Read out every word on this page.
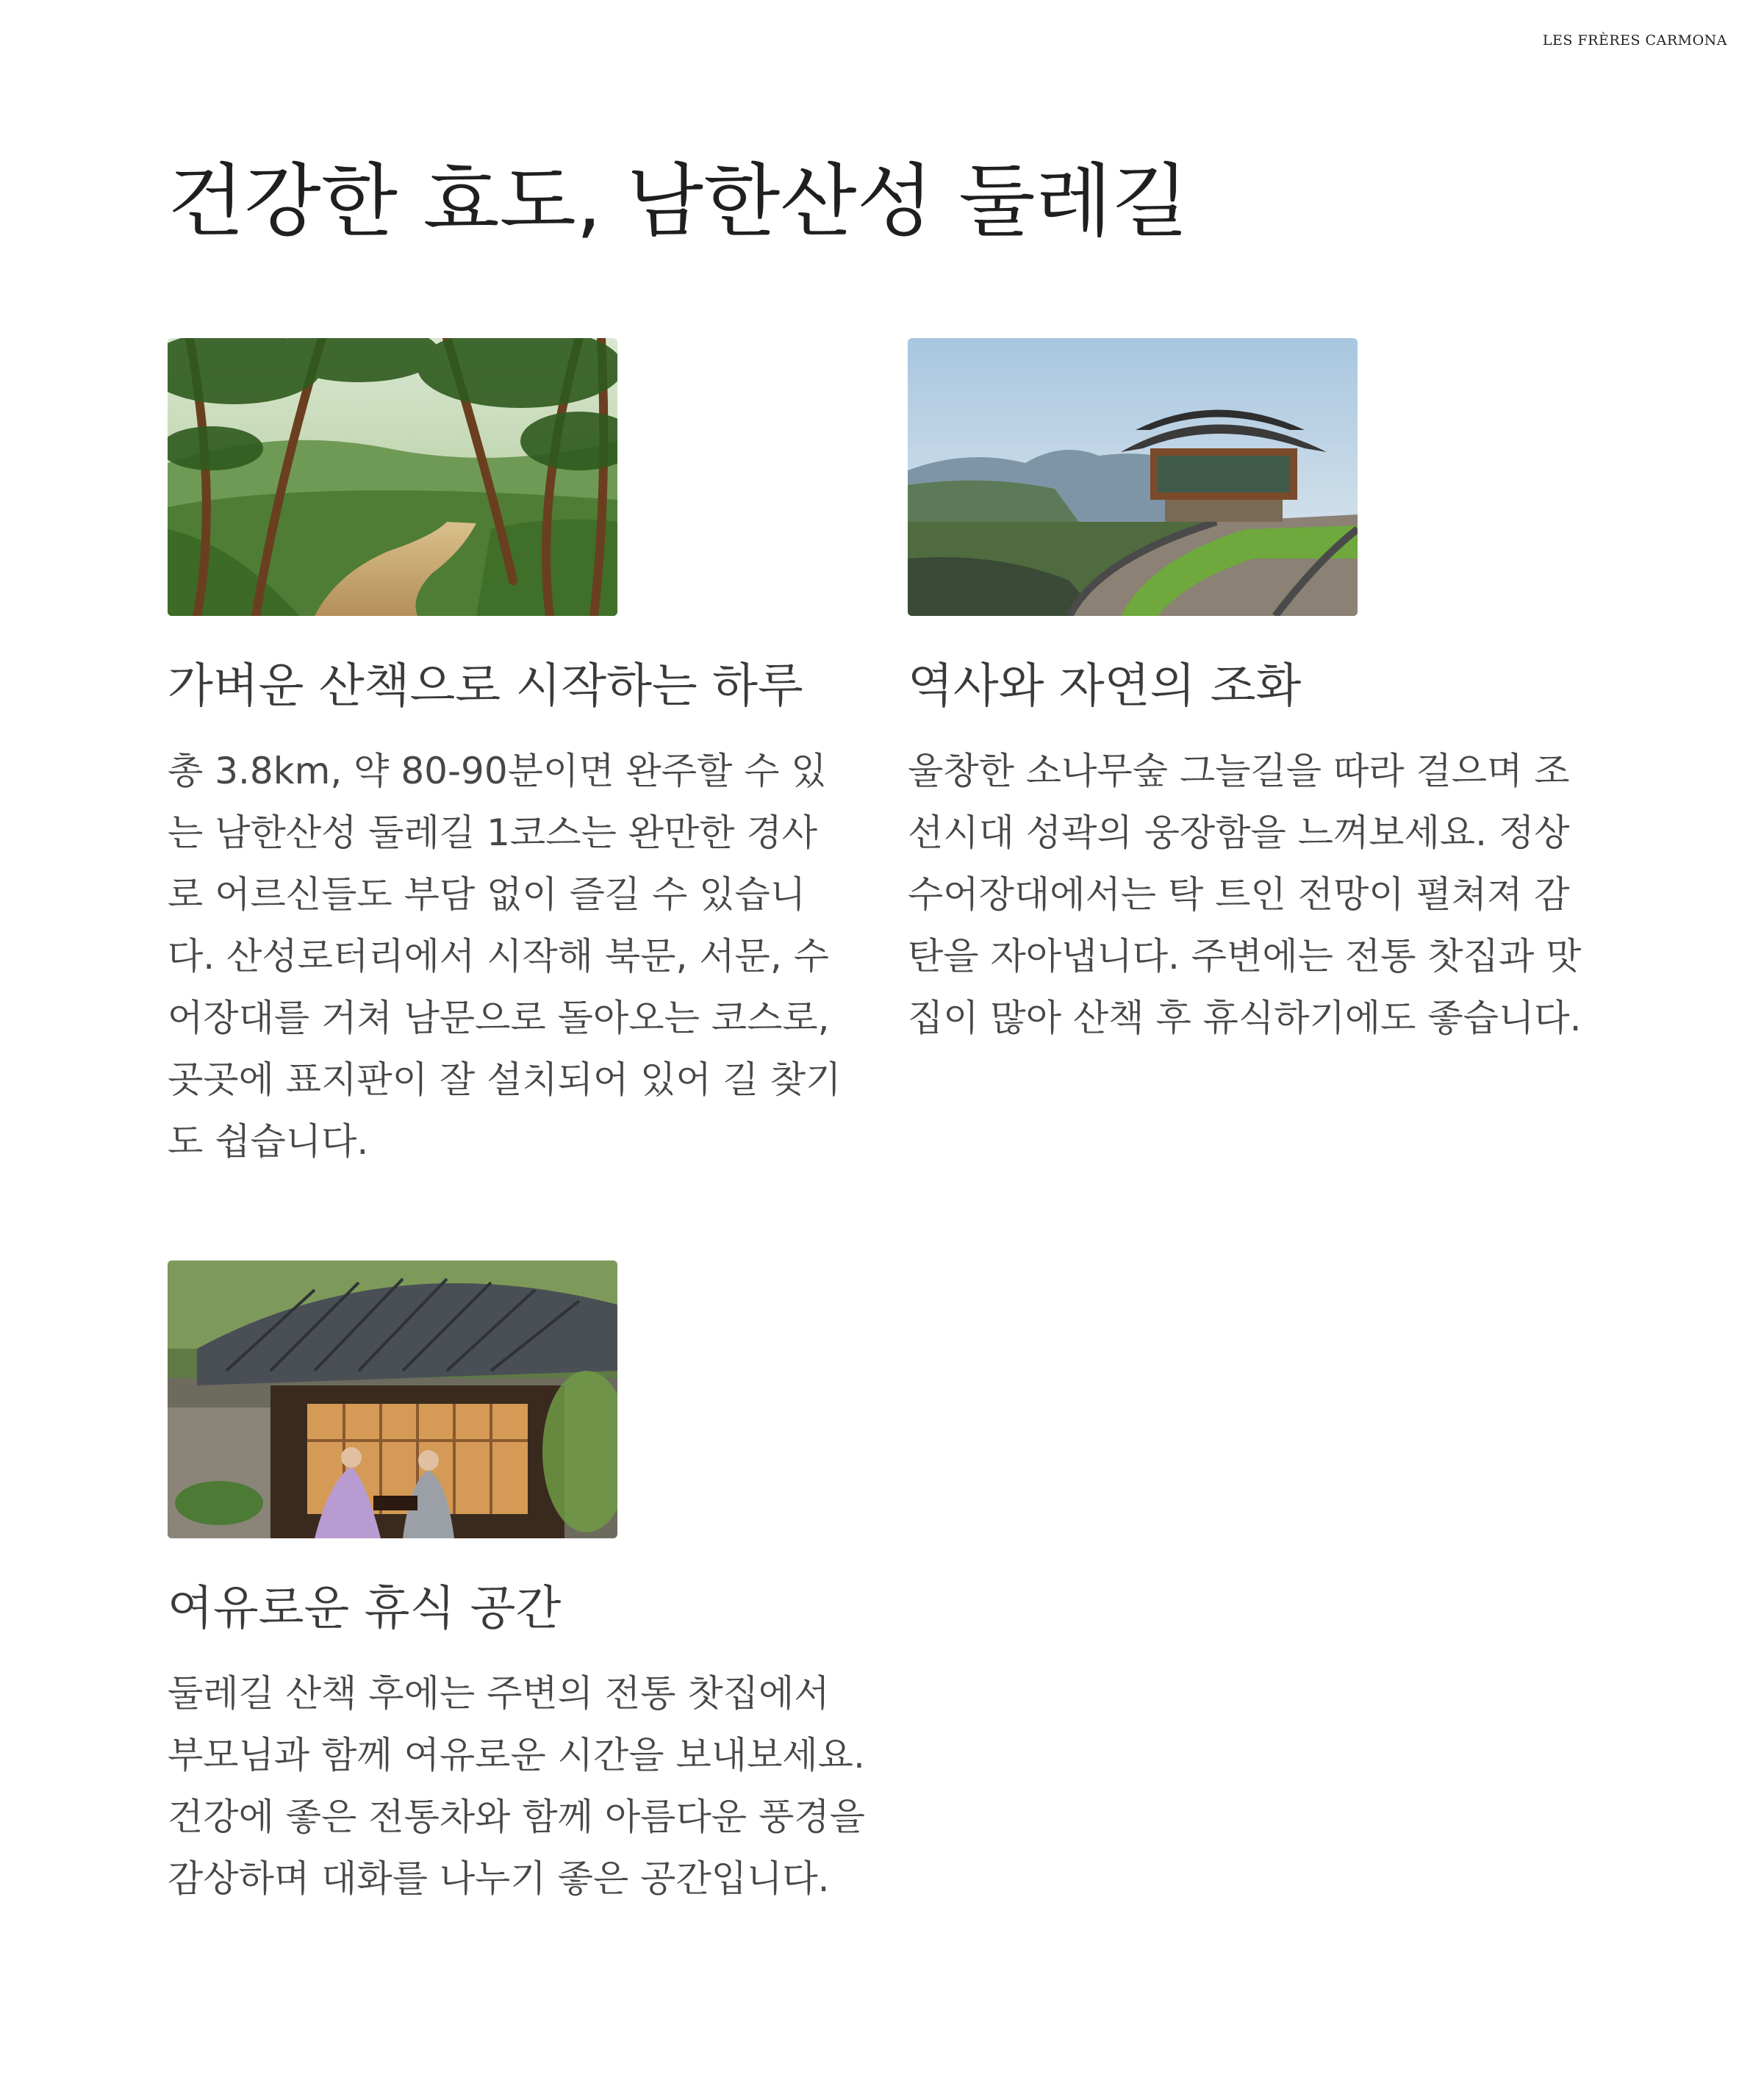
LES FRÈRES CARMONA
건강한 효도, 남한산성 둘레길
가벼운 산책으로 시작하는 하루

총 3.8km, 약 80-90분이면 완주할 수 있는 남한산성 둘레길 1코스는 완만한 경사로 어르신들도 부담 없이 즐길 수 있습니다. 산성로터리에서 시작해 북문, 서문, 수어장대를 거쳐 남문으로 돌아오는 코스로, 곳곳에 표지판이 잘 설치되어 있어 길 찾기도 쉽습니다.

역사와 자연의 조화

울창한 소나무숲 그늘길을 따라 걸으며 조선시대 성곽의 웅장함을 느껴보세요. 정상 수어장대에서는 탁 트인 전망이 펼쳐져 감탄을 자아냅니다. 주변에는 전통 찻집과 맛집이 많아 산책 후 휴식하기에도 좋습니다.

여유로운 휴식 공간

둘레길 산책 후에는 주변의 전통 찻집에서 부모님과 함께 여유로운 시간을 보내보세요. 건강에 좋은 전통차와 함께 아름다운 풍경을 감상하며 대화를 나누기 좋은 공간입니다.
